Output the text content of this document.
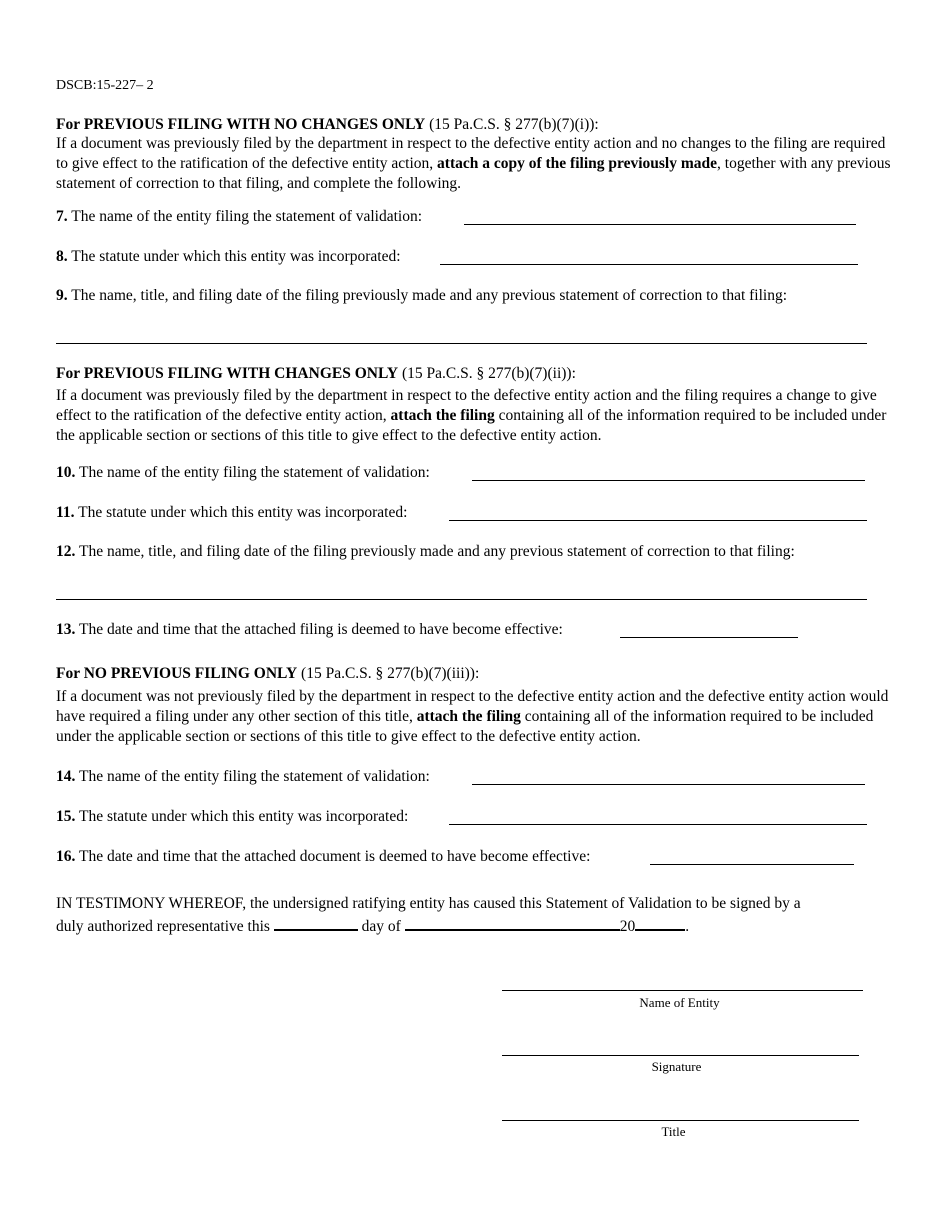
DSCB:15-227– 2
For PREVIOUS FILING WITH NO CHANGES ONLY (15 Pa.C.S. § 277(b)(7)(i)):
If a document was previously filed by the department in respect to the defective entity action and no changes to the filing are required to give effect to the ratification of the defective entity action, attach a copy of the filing previously made, together with any previous statement of correction to that filing, and complete the following.
7. The name of the entity filing the statement of validation:
8. The statute under which this entity was incorporated:
9. The name, title, and filing date of the filing previously made and any previous statement of correction to that filing:
For PREVIOUS FILING WITH CHANGES ONLY (15 Pa.C.S. § 277(b)(7)(ii)):
If a document was previously filed by the department in respect to the defective entity action and the filing requires a change to give effect to the ratification of the defective entity action, attach the filing containing all of the information required to be included under the applicable section or sections of this title to give effect to the defective entity action.
10. The name of the entity filing the statement of validation:
11. The statute under which this entity was incorporated:
12. The name, title, and filing date of the filing previously made and any previous statement of correction to that filing:
13. The date and time that the attached filing is deemed to have become effective:
For NO PREVIOUS FILING ONLY (15 Pa.C.S. § 277(b)(7)(iii)):
If a document was not previously filed by the department in respect to the defective entity action and the defective entity action would have required a filing under any other section of this title, attach the filing containing all of the information required to be included under the applicable section or sections of this title to give effect to the defective entity action.
14. The name of the entity filing the statement of validation:
15. The statute under which this entity was incorporated:
16. The date and time that the attached document is deemed to have become effective:
IN TESTIMONY WHEREOF, the undersigned ratifying entity has caused this Statement of Validation to be signed by a
duly authorized representative this	day of	20	.
Name of Entity
Signature
Title
